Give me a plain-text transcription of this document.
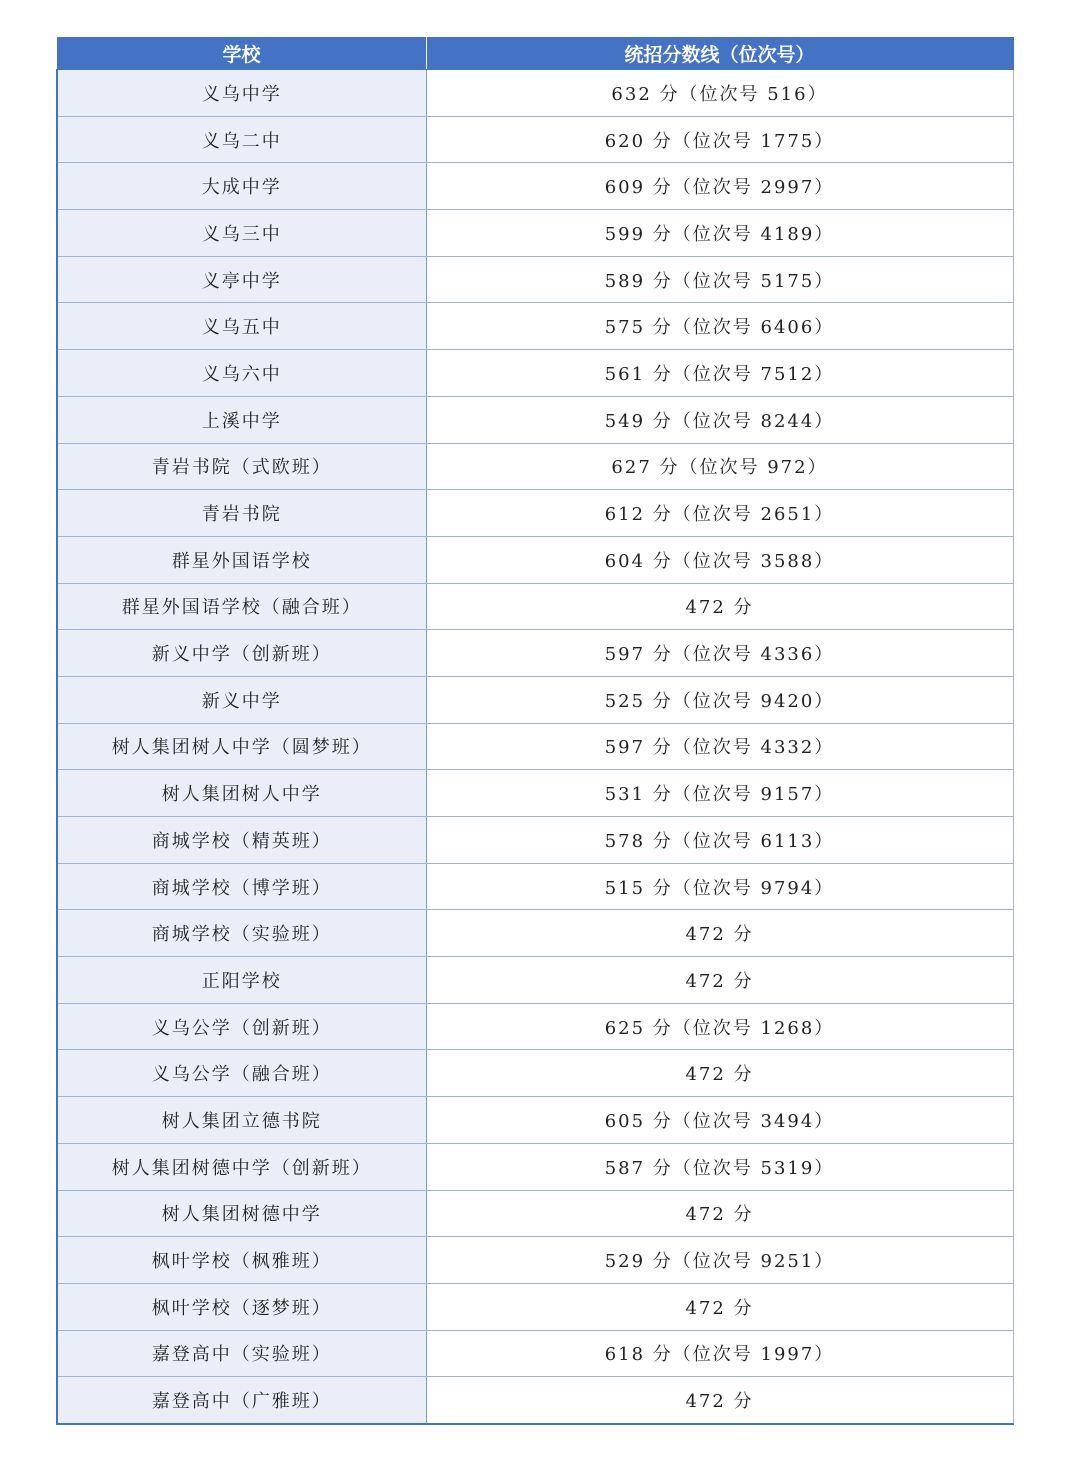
学校	统招分数线（位次号）
义乌中学	632 分（位次号 516）
义乌二中	620 分（位次号 1775）
大成中学	609 分（位次号 2997）
义乌三中	599 分（位次号 4189）
义亭中学	589 分（位次号 5175）
义乌五中	575 分（位次号 6406）
义乌六中	561 分（位次号 7512）
上溪中学	549 分（位次号 8244）
青岩书院（式欧班）	627 分（位次号 972）
青岩书院	612 分（位次号 2651）
群星外国语学校	604 分（位次号 3588）
群星外国语学校（融合班）	472 分
新义中学（创新班）	597 分（位次号 4336）
新义中学	525 分（位次号 9420）
树人集团树人中学（圆梦班）	597 分（位次号 4332）
树人集团树人中学	531 分（位次号 9157）
商城学校（精英班）	578 分（位次号 6113）
商城学校（博学班）	515 分（位次号 9794）
商城学校（实验班）	472 分
正阳学校	472 分
义乌公学（创新班）	625 分（位次号 1268）
义乌公学（融合班）	472 分
树人集团立德书院	605 分（位次号 3494）
树人集团树德中学（创新班）	587 分（位次号 5319）
树人集团树德中学	472 分
枫叶学校（枫雅班）	529 分（位次号 9251）
枫叶学校（逐梦班）	472 分
嘉登高中（实验班）	618 分（位次号 1997）
嘉登高中（广雅班）	472 分
